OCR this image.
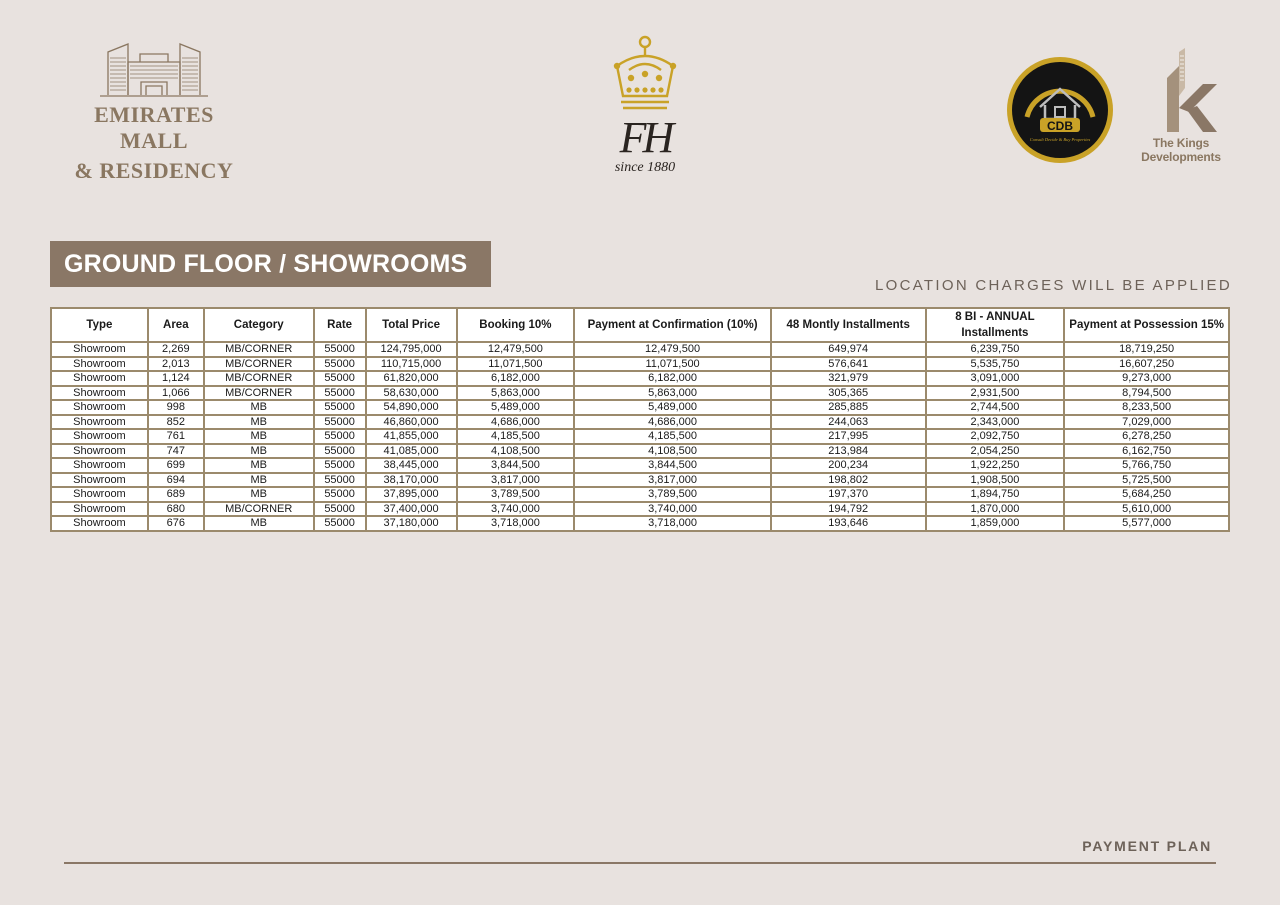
EMIRATES MALL
& RESIDENCY
FH
since 1880
CDB
Consult Decide & Buy Properties	The Kings Developments
GROUND FLOOR / SHOWROOMS
LOCATION CHARGES WILL BE APPLIED
Type	Area	Category	Rate	Total Price	Booking 10%	Payment at Confirmation (10%)	48 Montly Installments	8 BI - ANNUAL Installments	Payment at Possession 15%
Showroom	2,269	MB/CORNER	55000	124,795,000	12,479,500	12,479,500	649,974	6,239,750	18,719,250
Showroom	2,013	MB/CORNER	55000	110,715,000	11,071,500	11,071,500	576,641	5,535,750	16,607,250
Showroom	1,124	MB/CORNER	55000	61,820,000	6,182,000	6,182,000	321,979	3,091,000	9,273,000
Showroom	1,066	MB/CORNER	55000	58,630,000	5,863,000	5,863,000	305,365	2,931,500	8,794,500
Showroom	998	MB	55000	54,890,000	5,489,000	5,489,000	285,885	2,744,500	8,233,500
Showroom	852	MB	55000	46,860,000	4,686,000	4,686,000	244,063	2,343,000	7,029,000
Showroom	761	MB	55000	41,855,000	4,185,500	4,185,500	217,995	2,092,750	6,278,250
Showroom	747	MB	55000	41,085,000	4,108,500	4,108,500	213,984	2,054,250	6,162,750
Showroom	699	MB	55000	38,445,000	3,844,500	3,844,500	200,234	1,922,250	5,766,750
Showroom	694	MB	55000	38,170,000	3,817,000	3,817,000	198,802	1,908,500	5,725,500
Showroom	689	MB	55000	37,895,000	3,789,500	3,789,500	197,370	1,894,750	5,684,250
Showroom	680	MB/CORNER	55000	37,400,000	3,740,000	3,740,000	194,792	1,870,000	5,610,000
Showroom	676	MB	55000	37,180,000	3,718,000	3,718,000	193,646	1,859,000	5,577,000
PAYMENT PLAN
